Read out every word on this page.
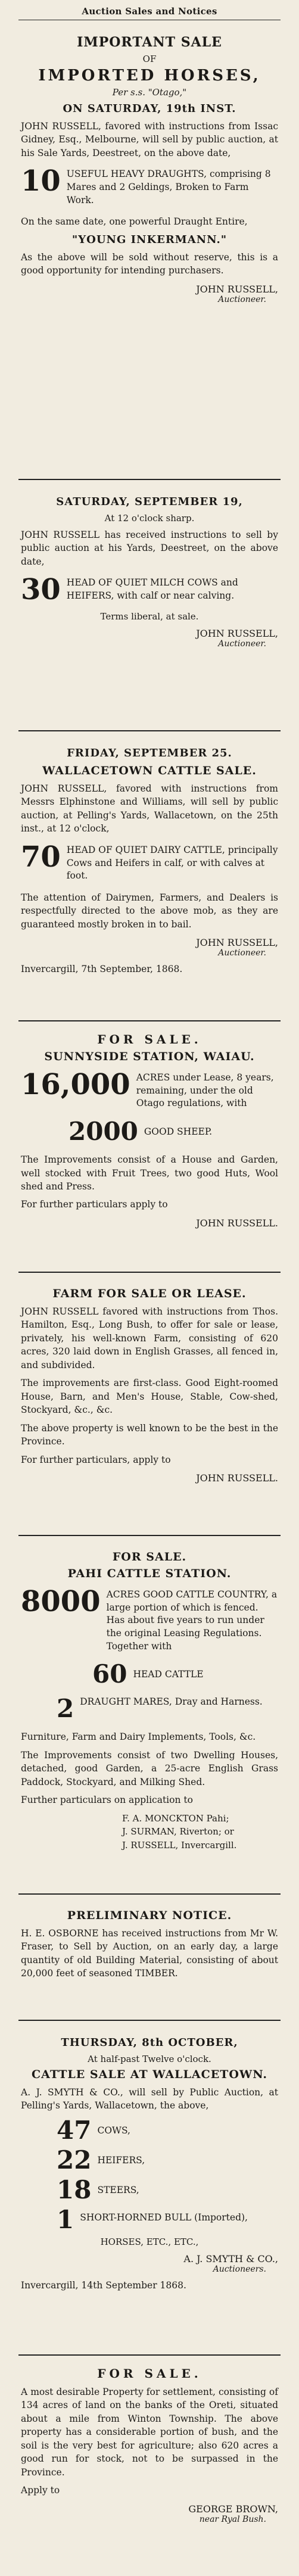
Auction Sales and Notices
IMPORTANT SALE
OF
IMPORTED HORSES,
Per s.s. "Otago,"
ON SATURDAY, 19th INST.
JOHN RUSSELL, favored with instructions from Issac Gidney, Esq., Melbourne, will sell by public auction, at his Sale Yards, Deestreet, on the above date,
10 USEFUL HEAVY DRAUGHTS, comprising 8 Mares and 2 Geldings, Broken to Farm Work.
On the same date, one powerful Draught Entire,
"YOUNG INKERMANN."
As the above will be sold without reserve, this is a good opportunity for intending purchasers.
JOHN RUSSELL,
Auctioneer.
SATURDAY, SEPTEMBER 19,
At 12 o'clock sharp.
JOHN RUSSELL has received instructions to sell by public auction at his Yards, Deestreet, on the above date,
30 HEAD OF QUIET MILCH COWS and HEIFERS, with calf or near calving.
Terms liberal, at sale.
JOHN RUSSELL,
Auctioneer.
FRIDAY, SEPTEMBER 25.
WALLACETOWN CATTLE SALE.
JOHN RUSSELL, favored with instructions from Messrs Elphinstone and Williams, will sell by public auction, at Pelling's Yards, Wallacetown, on the 25th inst., at 12 o'clock,
70 HEAD OF QUIET DAIRY CATTLE, principally Cows and Heifers in calf, or with calves at foot.
The attention of Dairymen, Farmers, and Dealers is respectfully directed to the above mob, as they are guaranteed mostly broken in to bail.
JOHN RUSSELL,
Auctioneer.
Invercargill, 7th September, 1868.
FOR SALE.
SUNNYSIDE STATION, WAIAU.
16,000 ACRES under Lease, 8 years, remaining, under the old Otago regulations, with
2000 GOOD SHEEP.
The Improvements consist of a House and Garden, well stocked with Fruit Trees, two good Huts, Wool shed and Press.
For further particulars apply to
JOHN RUSSELL.
FARM FOR SALE OR LEASE.
JOHN RUSSELL favored with instructions from Thos. Hamilton, Esq., Long Bush, to offer for sale or lease, privately, his well-known Farm, consisting of 620 acres, 320 laid down in English Grasses, all fenced in, and subdivided.
The improvements are first-class. Good Eight-roomed House, Barn, and Men's House, Stable, Cow-shed, Stockyard, &c., &c.
The above property is well known to be the best in the Province.
For further particulars, apply to
JOHN RUSSELL.
FOR SALE.
PAHI CATTLE STATION.
8000 ACRES GOOD CATTLE COUNTRY, a large portion of which is fenced. Has about five years to run under the original Leasing Regulations. Together with
60 HEAD CATTLE
2 DRAUGHT MARES, Dray and Harness.
Furniture, Farm and Dairy Implements, Tools, &c.
The Improvements consist of two Dwelling Houses, detached, good Garden, a 25-acre English Grass Paddock, Stockyard, and Milking Shed.
Further particulars on application to
F. A. MONCKTON Pahi;
J. SURMAN, Riverton; or
J. RUSSELL, Invercargill.
PRELIMINARY NOTICE.
H. E. OSBORNE has received instructions from Mr W. Fraser, to Sell by Auction, on an early day, a large quantity of old Building Material, consisting of about 20,000 feet of seasoned TIMBER.
THURSDAY, 8th OCTOBER,
At half-past Twelve o'clock.
CATTLE SALE AT WALLACETOWN.
A. J. SMYTH & CO., will sell by Public Auction, at Pelling's Yards, Wallacetown, the above,
47 COWS,
22 HEIFERS,
18 STEERS,
1 SHORT-HORNED BULL (Imported),
HORSES, ETC., ETC.,
A. J. SMYTH & CO.,
Auctioneers.
Invercargill, 14th September 1868.
FOR SALE.
A most desirable Property for settlement, consisting of 134 acres of land on the banks of the Oreti, situated about a mile from Winton Township. The above property has a considerable portion of bush, and the soil is the very best for agriculture; also 620 acres a good run for stock, not to be surpassed in the Province.
Apply to
GEORGE BROWN,
near Ryal Bush.
